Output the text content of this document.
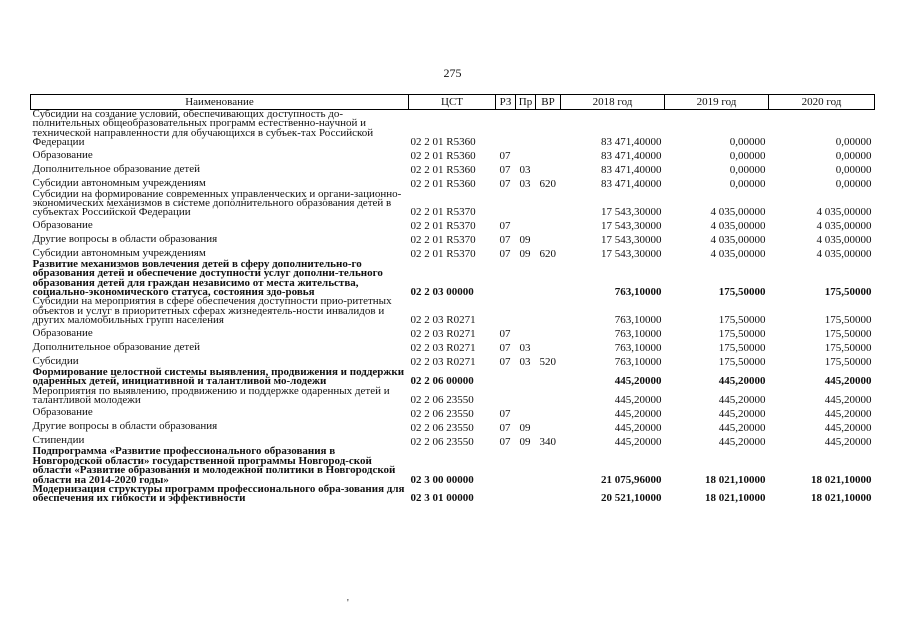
275
Наименование	ЦСТ	РЗ	Пр	ВР	2018 год	2019 год	2020 год
Субсидии на создание условий, обеспечивающих доступность до-полнительных общеобразовательных программ естественно-научной и технической направленности для обучающихся в субъек-тах Российской Федерации	02 2 01 R5360				83 471,40000	0,00000	0,00000
Образование	02 2 01 R5360	07			83 471,40000	0,00000	0,00000
Дополнительное образование детей	02 2 01 R5360	07	03		83 471,40000	0,00000	0,00000
Субсидии автономным учреждениям	02 2 01 R5360	07	03	620	83 471,40000	0,00000	0,00000
Субсидии на формирование современных управленческих и органи-зационно-экономических механизмов в системе дополнительного образования детей в субъектах Российской Федерации	02 2 01 R5370				17 543,30000	4 035,00000	4 035,00000
Образование	02 2 01 R5370	07			17 543,30000	4 035,00000	4 035,00000
Другие вопросы в области образования	02 2 01 R5370	07	09		17 543,30000	4 035,00000	4 035,00000
Субсидии автономным учреждениям	02 2 01 R5370	07	09	620	17 543,30000	4 035,00000	4 035,00000
Развитие механизмов вовлечения детей в сферу дополнительно-го образования детей и обеспечение доступности услуг дополни-тельного образования детей для граждан независимо от места жительства, социально-экономического статуса, состояния здо-ровья	02 2 03 00000				763,10000	175,50000	175,50000
Субсидии на мероприятия в сфере обеспечения доступности прио-ритетных объектов и услуг в приоритетных сферах жизнедеятель-ности инвалидов и других маломобильных групп населения	02 2 03 R0271				763,10000	175,50000	175,50000
Образование	02 2 03 R0271	07			763,10000	175,50000	175,50000
Дополнительное образование детей	02 2 03 R0271	07	03		763,10000	175,50000	175,50000
Субсидии	02 2 03 R0271	07	03	520	763,10000	175,50000	175,50000
Формирование целостной системы выявления, продвижения и поддержки одаренных детей, инициативной и талантливой мо-лодежи	02 2 06 00000				445,20000	445,20000	445,20000
Мероприятия по выявлению, продвижению и поддержке одаренных детей и талантливой молодежи	02 2 06 23550				445,20000	445,20000	445,20000
Образование	02 2 06 23550	07			445,20000	445,20000	445,20000
Другие вопросы в области образования	02 2 06 23550	07	09		445,20000	445,20000	445,20000
Стипендии	02 2 06 23550	07	09	340	445,20000	445,20000	445,20000
Подпрограмма «Развитие профессионального образования в Новгородской области» государственной программы Новгород-ской области «Развитие образования и молодежной политики в Новгородской области на 2014-2020 годы»	02 3 00 00000				21 075,96000	18 021,10000	18 021,10000
Модернизация структуры программ профессионального обра-зования для обеспечения их гибкости и эффективности	02 3 01 00000				20 521,10000	18 021,10000	18 021,10000
'
